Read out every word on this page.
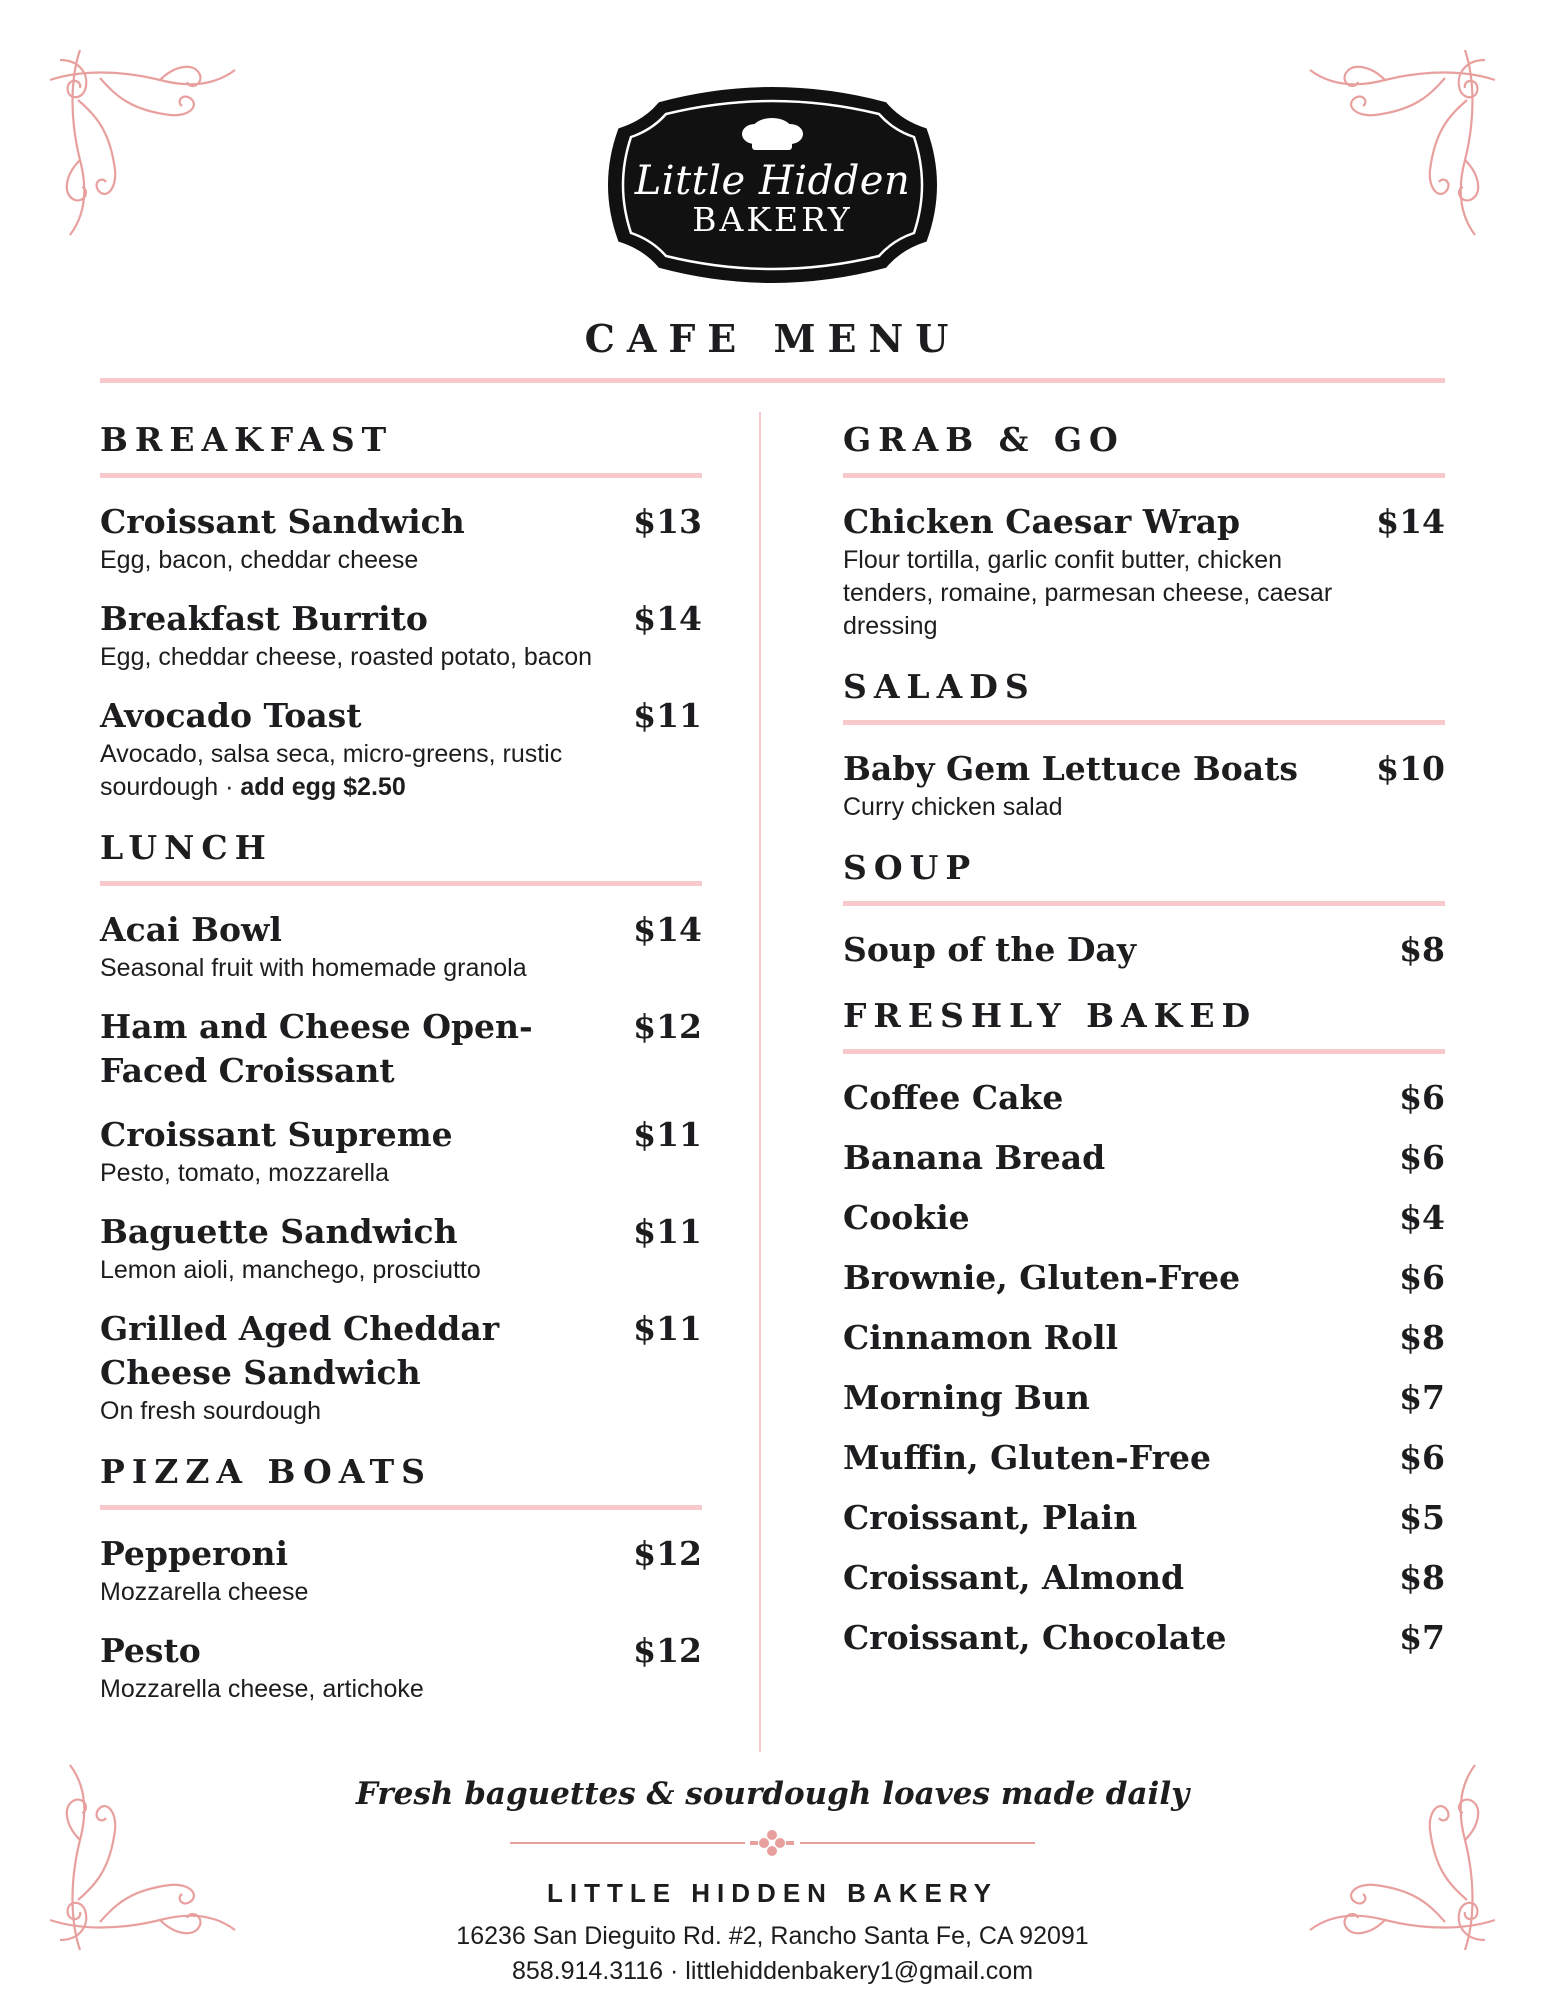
Little Hidden
BAKERY
CAFE MENU
BREAKFAST
Croissant Sandwich	$13
Egg, bacon, cheddar cheese
Breakfast Burrito	$14
Egg, cheddar cheese, roasted potato, bacon
Avocado Toast	$11
Avocado, salsa seca, micro-greens, rustic sourdough · add egg $2.50
LUNCH
Acai Bowl	$14
Seasonal fruit with homemade granola
Ham and Cheese Open-Faced Croissant
$12
Croissant Supreme	$11
Pesto, tomato, mozzarella
Baguette Sandwich	$11
Lemon aioli, manchego, prosciutto
Grilled Aged Cheddar Cheese Sandwich
$11
On fresh sourdough
PIZZA BOATS
Pepperoni	$12
Mozzarella cheese
Pesto	$12
Mozzarella cheese, artichoke
GRAB & GO
Chicken Caesar Wrap	$14
Flour tortilla, garlic confit butter, chicken tenders, romaine, parmesan cheese, caesar dressing
SALADS
Baby Gem Lettuce Boats $10
Curry chicken salad
SOUP
Soup of the Day	$8
FRESHLY BAKED
Coffee Cake	$6
Banana Bread	$6
Cookie	$4
Brownie, Gluten-Free	$6
Cinnamon Roll	$8
Morning Bun	$7
Muffin, Gluten-Free	$6
Croissant, Plain	$5
Croissant, Almond	$8
Croissant, Chocolate	$7
Fresh baguettes & sourdough loaves made daily
LITTLE HIDDEN BAKERY
16236 San Dieguito Rd. #2, Rancho Santa Fe, CA 92091
858.914.3116 · littlehiddenbakery1@gmail.com
